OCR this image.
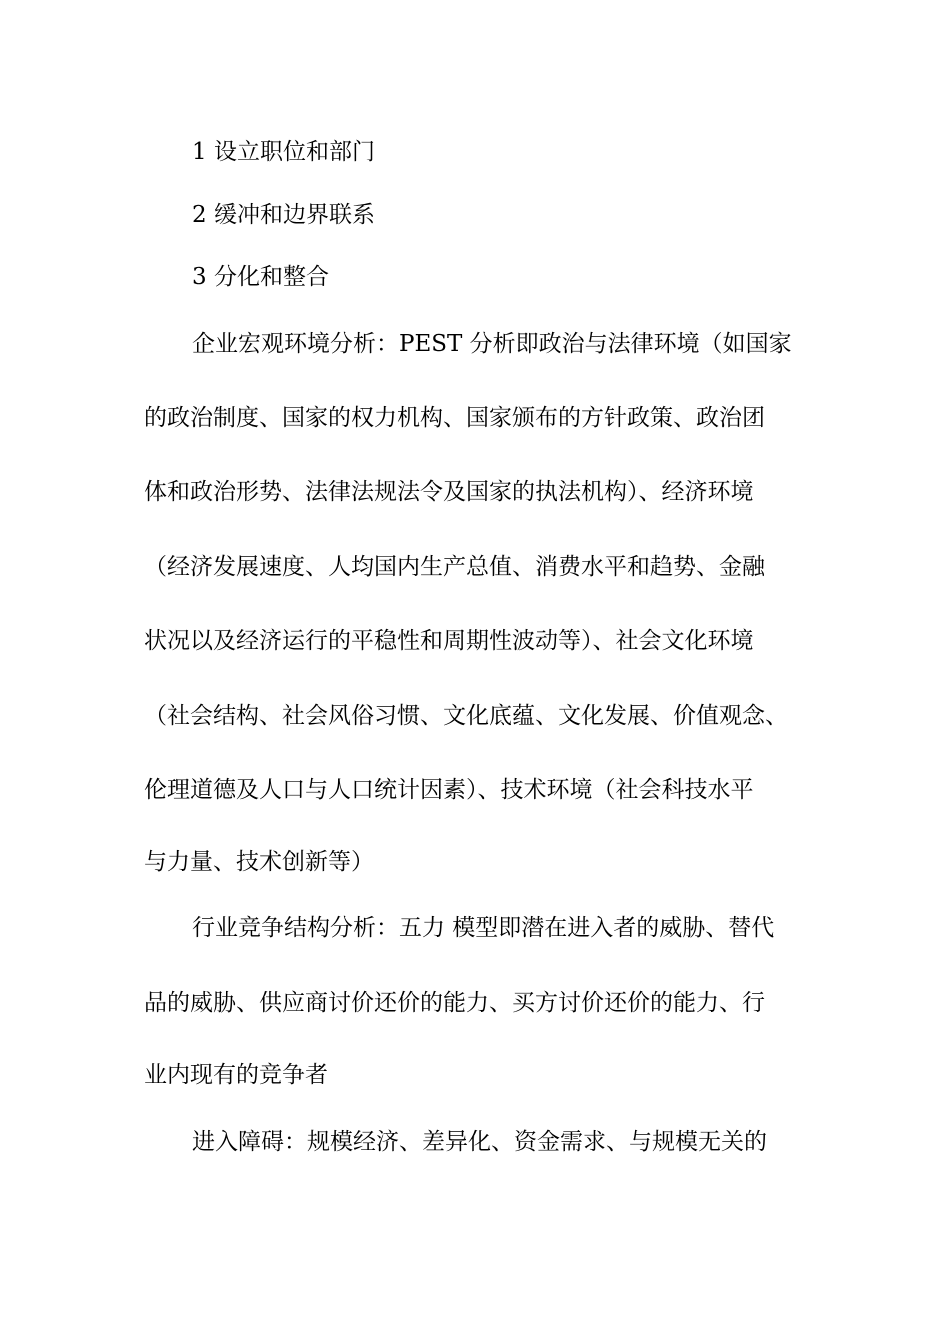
1 设立职位和部门
2 缓冲和边界联系
3 分化和整合
企业宏观环境分析：PEST 分析即政治与法律环境（如国家
的政治制度、国家的权力机构、国家颁布的方针政策、政治团
体和政治形势、法律法规法令及国家的执法机构）、经济环境
（经济发展速度、人均国内生产总值、消费水平和趋势、金融
状况以及经济运行的平稳性和周期性波动等）、社会文化环境
（社会结构、社会风俗习惯、文化底蕴、文化发展、价值观念、
伦理道德及人口与人口统计因素）、技术环境（社会科技水平
与力量、技术创新等）
行业竞争结构分析：五力 模型即潜在进入者的威胁、替代
品的威胁、供应商讨价还价的能力、买方讨价还价的能力、行
业内现有的竞争者
进入障碍：规模经济、差异化、资金需求、与规模无关的
